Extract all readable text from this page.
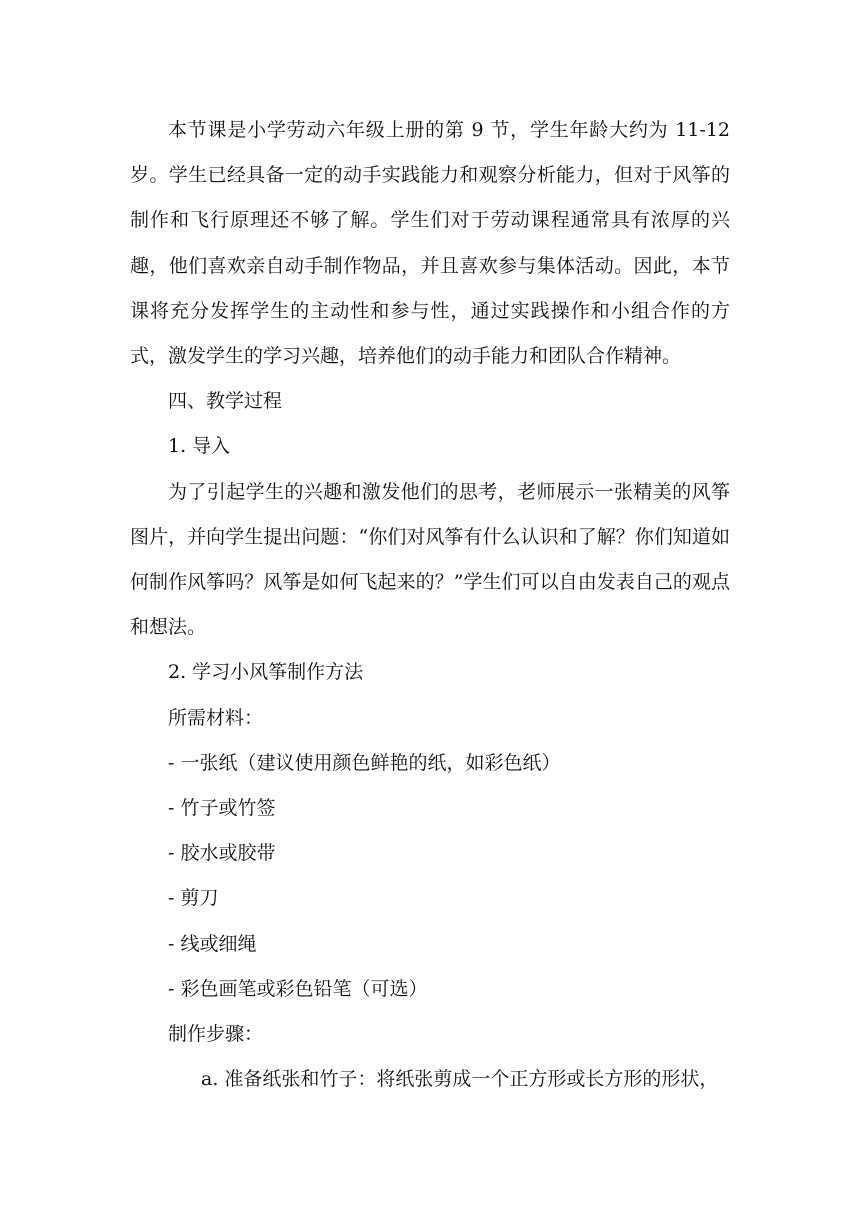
本节课是小学劳动六年级上册的第 9 节，学生年龄大约为 11-12 岁。学生已经具备一定的动手实践能力和观察分析能力，但对于风筝的制作和飞行原理还不够了解。学生们对于劳动课程通常具有浓厚的兴趣，他们喜欢亲自动手制作物品，并且喜欢参与集体活动。因此，本节课将充分发挥学生的主动性和参与性，通过实践操作和小组合作的方式，激发学生的学习兴趣，培养他们的动手能力和团队合作精神。

四、教学过程

1. 导入

为了引起学生的兴趣和激发他们的思考，老师展示一张精美的风筝图片，并向学生提出问题：“你们对风筝有什么认识和了解？你们知道如何制作风筝吗？风筝是如何飞起来的？”学生们可以自由发表自己的观点和想法。

2. 学习小风筝制作方法

所需材料：

- 一张纸（建议使用颜色鲜艳的纸，如彩色纸）

- 竹子或竹签

- 胶水或胶带

- 剪刀

- 线或细绳

- 彩色画笔或彩色铅笔（可选）

制作步骤：

a. 准备纸张和竹子：将纸张剪成一个正方形或长方形的形状，
